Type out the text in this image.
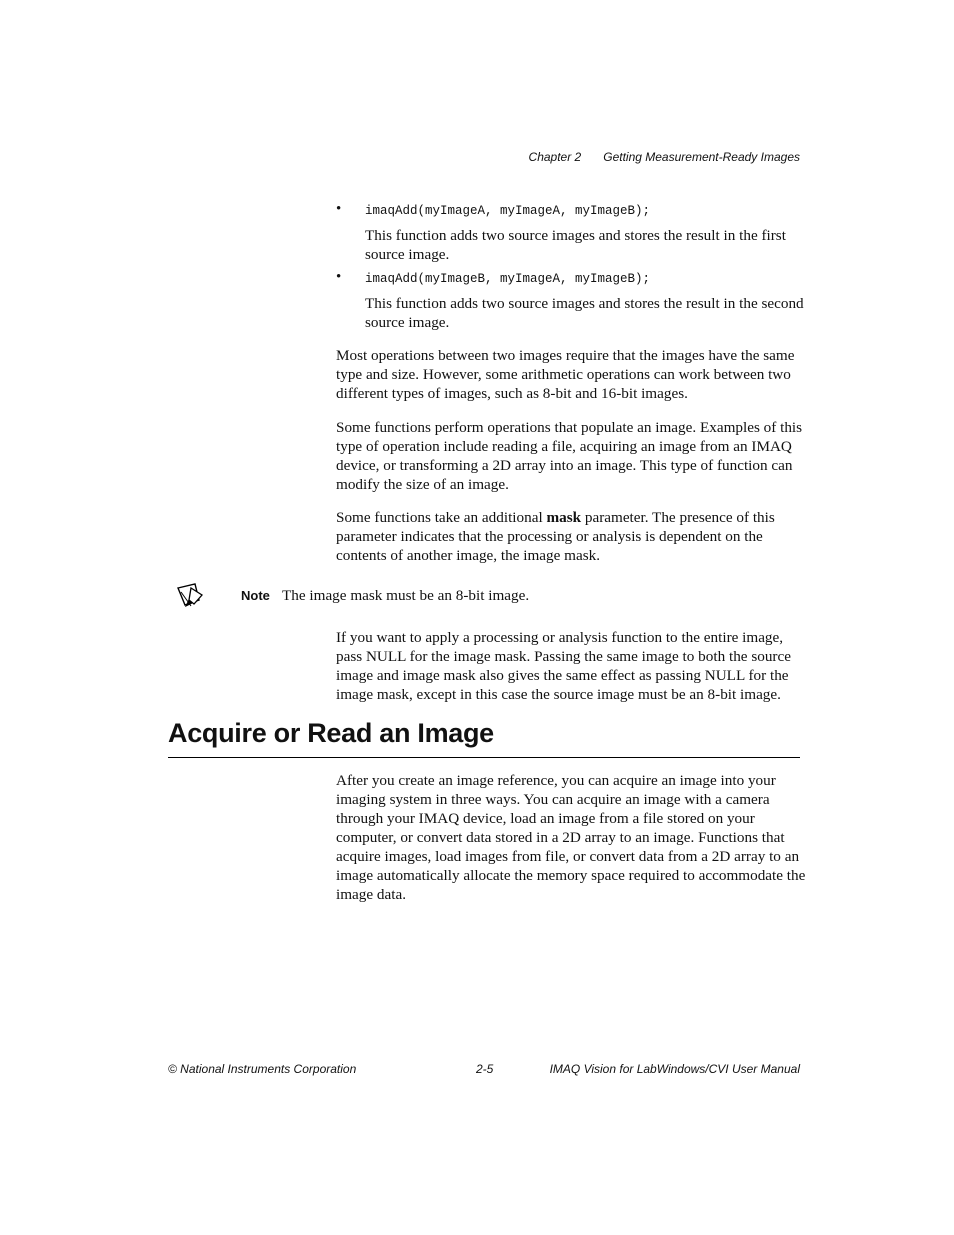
Chapter 2 Getting Measurement-Ready Images
• imaqAdd(myImageA, myImageA, myImageB);
This function adds two source images and stores the result in the first source image.
• imaqAdd(myImageB, myImageA, myImageB);
This function adds two source images and stores the result in the second source image.

Most operations between two images require that the images have the same type and size. However, some arithmetic operations can work between two different types of images, such as 8-bit and 16-bit images.

Some functions perform operations that populate an image. Examples of this type of operation include reading a file, acquiring an image from an IMAQ device, or transforming a 2D array into an image. This type of function can modify the size of an image.

Some functions take an additional mask parameter. The presence of this parameter indicates that the processing or analysis is dependent on the contents of another image, the image mask.

Note The image mask must be an 8-bit image.

If you want to apply a processing or analysis function to the entire image, pass NULL for the image mask. Passing the same image to both the source image and image mask also gives the same effect as passing NULL for the image mask, except in this case the source image must be an 8-bit image.

Acquire or Read an Image

After you create an image reference, you can acquire an image into your imaging system in three ways. You can acquire an image with a camera through your IMAQ device, load an image from a file stored on your computer, or convert data stored in a 2D array to an image. Functions that acquire images, load images from file, or convert data from a 2D array to an image automatically allocate the memory space required to accommodate the image data.

© National Instruments Corporation	2-5	IMAQ Vision for LabWindows/CVI User Manual
